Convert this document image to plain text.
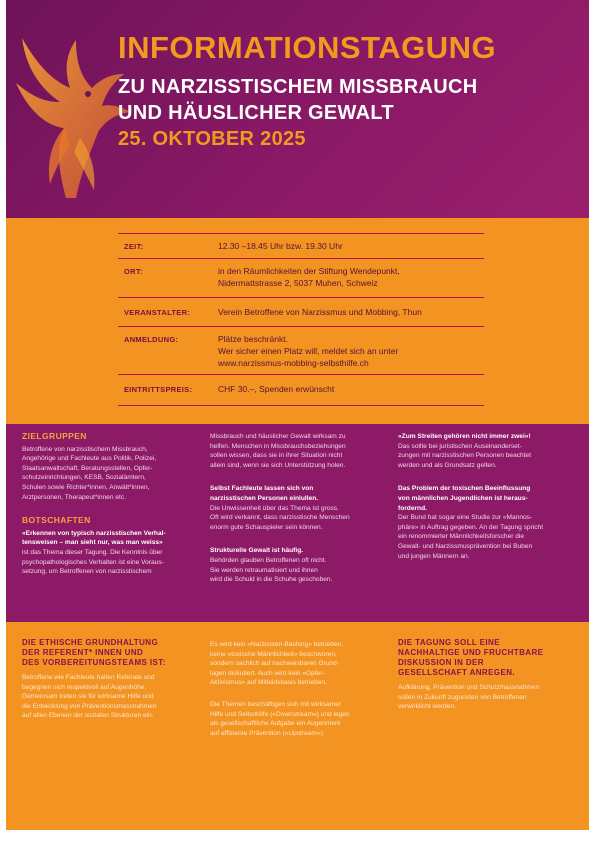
INFORMATIONSTAGUNG
ZU NARZISSTISCHEM MISSBRAUCH
UND HÄUSLICHER GEWALT
25. OKTOBER 2025
ZEIT:	12.30 –18.45 Uhr bzw. 19.30 Uhr
ORT:	in den Räumlichkeiten der Stiftung Wendepunkt,
Nidermattstrasse 2, 5037 Muhen, Schweiz
VERANSTALTER:	Verein Betroffene von Narzissmus und Mobbing, Thun
ANMELDUNG:	Plätze beschränkt.
Wer sicher einen Platz will, meldet sich an unter
www.narzissmus-mobbing-selbsthilfe.ch
EINTRITTSPREIS:	CHF 30.–, Spenden erwünscht
ZIELGRUPPEN

Betroffene von narzisstischem Missbrauch,
Angehörige und Fachleute aus Politik, Polizei,
Staatsanwaltschaft, Beratungsstellen, Opfer-
schutzeinrichtungen, KESB, Sozialämtern,
Schulen sowie Richter*innen, Anwält*innen,
Arztpersonen, Therapeut*innen etc.

BOTSCHAFTEN

«Erkennen von typisch narzisstischen Verhal-
tensweisen – man sieht nur, was man weiss»

ist das Thema dieser Tagung. Die Kenntnis über
psychopathologisches Verhalten ist eine Voraus-
setzung, um Betroffenen von narzisstischem

Missbrauch und häuslicher Gewalt wirksam zu
helfen. Menschen in Missbrauchsbeziehungen
sollen wissen, dass sie in ihrer Situation nicht
allein sind, wenn sie sich Unterstützung holen.

Selbst Fachleute lassen sich von
narzisstischen Personen einlullen.

Die Unwissenheit über das Thema ist gross.
Oft wird verkannt, dass narzisstische Menschen
enorm gute Schauspieler sein können.

Strukturelle Gewalt ist häufig.

Behörden glauben Betroffenen oft nicht.
Sie werden retraumatisiert und ihnen
wird die Schuld in die Schuhe geschoben.

«Zum Streiten gehören nicht immer zwei»!

Das sollte bei juristischen Auseinanderset-
zungen mit narzisstischen Personen beachtet
werden und als Grundsatz gelten.

Das Problem der toxischen Beeinflussung
von männlichen Jugendlichen ist heraus-
fordernd.

Der Bund hat sogar eine Studie zur «Mannos-
phäre» in Auftrag gegeben. An der Tagung spricht
ein renommierter Männlichkeitsforscher die
Gewalt- und Narzissmusprävention bei Buben
und jungen Männern an.

DIE ETHISCHE GRUNDHALTUNG
DER REFERENT* INNEN UND
DES VORBEREITUNGSTEAMS IST:

Betroffene wie Fachleute halten Referate und
begegnen sich respektvoll auf Augenhöhe.
Gemeinsam treten sie für wirksame Hilfe und
die Entwicklung von Präventionsmassnahmen
auf allen Ebenen der sozialen Strukturen ein.

Es wird kein «Narzissten-Bashing» betrieben,
keine «toxische Männlichkeit» beschworen,
sondern sachlich auf nachweisbaren Grund-
lagen diskutiert. Auch wird kein «Opfer-
Aktivismus» auf Mitleidsbasis betrieben.

Die Themen beschäftigen sich mit wirksamer
Hilfe und Selbsthilfe («Downstream») und legen
als gesellschaftliche Aufgabe ein Augenmerk
auf effiziente Prävention («Upstream»).

DIE TAGUNG SOLL EINE
NACHHALTIGE UND FRUCHTBARE
DISKUSSION IN DER
GESELLSCHAFT ANREGEN.

Aufklärung, Prävention und Schutzmassnahmen
sollen in Zukunft zugunsten von Betroffenen
verwirklicht werden.
